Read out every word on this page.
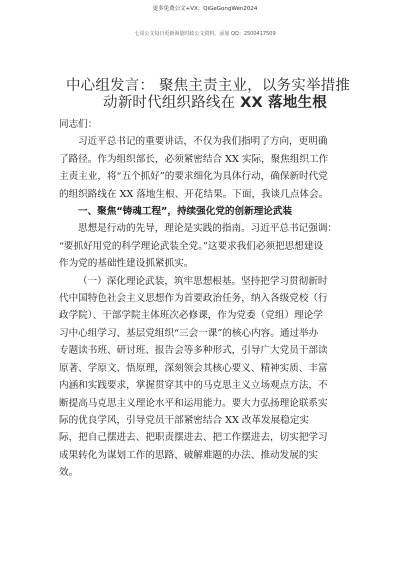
更多免费公文+VX：QiGeGongWen2024
七哥公文每日更新海量时政公文资料，添加 QQ：2500417509
中心组发言： 聚焦主责主业，以务实举措推
动新时代组织路线在 XX 落地生根
同志们：
习近平总书记的重要讲话，不仅为我们指明了方向，更明确
了路径。作为组织部长，必须紧密结合 XX 实际，聚焦组织工作
主责主业，将“五个抓好”的要求细化为具体行动，确保新时代党
的组织路线在 XX 落地生根、开花结果。下面，我谈几点体会。
一、聚焦“铸魂工程”，持续强化党的创新理论武装
思想是行动的先导，理论是实践的指南。习近平总书记强调：
“要抓好用党的科学理论武装全党。”这要求我们必须把思想建设
作为党的基础性建设抓紧抓实。
（一）深化理论武装，筑牢思想根基。坚持把学习贯彻新时
代中国特色社会主义思想作为首要政治任务，纳入各级党校（行
政学院）、干部学院主体班次必修课，作为党委（党组）理论学
习中心组学习、基层党组织“三会一课”的核心内容。通过举办
专题读书班、研讨班、报告会等多种形式，引导广大党员干部读
原著、学原文、悟原理，深刻领会其核心要义、精神实质、丰富
内涵和实践要求，掌握贯穿其中的马克思主义立场观点方法，不
断提高马克思主义理论水平和运用能力。要大力弘扬理论联系实
际的优良学风，引导党员干部紧密结合 XX 改革发展稳定实
际，把自己摆进去、把职责摆进去、把工作摆进去，切实把学习
成果转化为谋划工作的思路、破解难题的办法、推动发展的实
效。
